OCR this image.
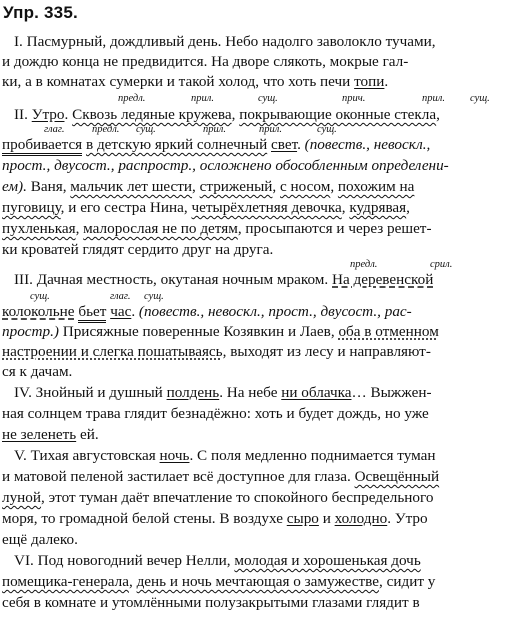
Упр. 335.
I. Пасмурный, дождливый день. Небо надолго заволокло тучами,
и дождю конца не предвидится. На дворе слякоть, мокрые гал-
ки, а в комнатах сумерки и такой холод, что хоть печи топи.
предл.	прил.	сущ.	прич.	прил. сущ.
II. Утро. Сквозь ледяные кружева, покрывающие оконные стекла,
глаг.	предл. сущ.	прил.	прил.	сущ.
пробивается в детскую яркий солнечный свет. (повеств., невоскл.,
прост., двусост., распростр., осложнено обособленным определени-
ем). Ваня, мальчик лет шести, стриженый, с носом, похожим на
пуговицу, и его сестра Нина, четырёхлетняя девочка, кудрявая,
пухленькая, малорослая не по детям, просыпаются и через решет-
ки кроватей глядят сердито друг на друга.
предл.	срил.
III. Дачная местность, окутаная ночным мраком. На деревенской
сущ.	глаг. сущ.
колокольне бьет час. (повеств., невоскл., прост., двусост., рас-
простр.) Присяжные поверенные Козявкин и Лаев, оба в отменном
настроении и слегка пошатываясь, выходят из лесу и направляют-
ся к дачам.
IV. Знойный и душный полдень. На небе ни облачка… Выжжен-
ная солнцем трава глядит безнадёжно: хоть и будет дождь, но уже
не зеленеть ей.
V. Тихая августовская ночь. С поля медленно поднимается туман
и матовой пеленой застилает всё доступное для глаза. Освещённый
луной, этот туман даёт впечатление то спокойного беспредельного
моря, то громадной белой стены. В воздухе сыро и холодно. Утро
ещё далеко.
VI. Под новогодний вечер Нелли, молодая и хорошенькая дочь
помещика-генерала, день и ночь мечтающая о замужестве, сидит у
себя в комнате и утомлёнными полузакрытыми глазами глядит в
